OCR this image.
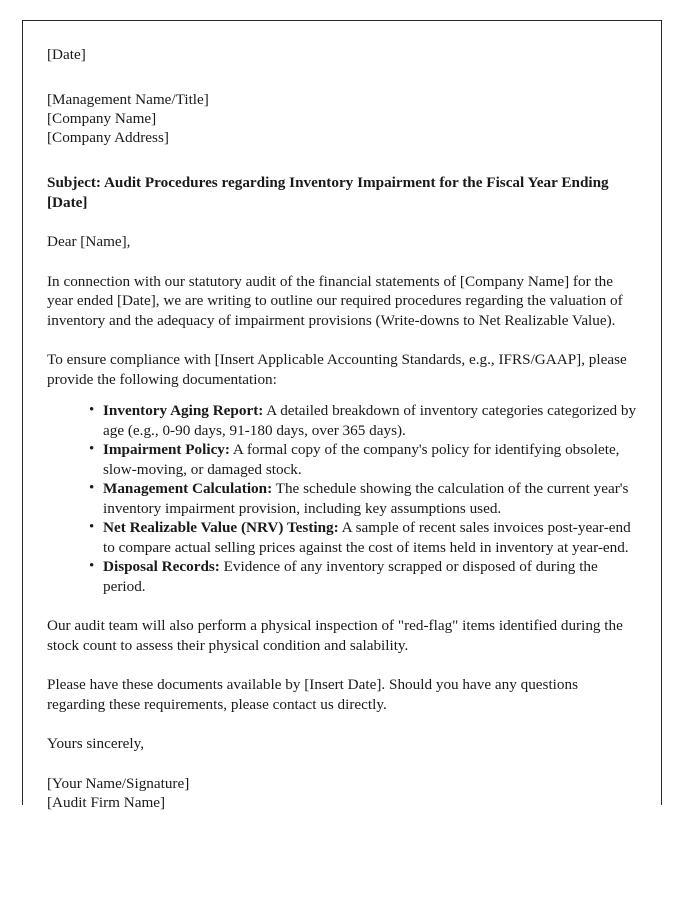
[Date]
[Management Name/Title]
[Company Name]
[Company Address]
Subject: Audit Procedures regarding Inventory Impairment for the Fiscal Year Ending [Date]
Dear [Name],

In connection with our statutory audit of the financial statements of [Company Name] for the year ended [Date], we are writing to outline our required procedures regarding the valuation of inventory and the adequacy of impairment provisions (Write-downs to Net Realizable Value).

To ensure compliance with [Insert Applicable Accounting Standards, e.g., IFRS/GAAP], please provide the following documentation:

• Inventory Aging Report: A detailed breakdown of inventory categories categorized by age (e.g., 0-90 days, 91-180 days, over 365 days).
• Impairment Policy: A formal copy of the company's policy for identifying obsolete, slow-moving, or damaged stock.
• Management Calculation: The schedule showing the calculation of the current year's inventory impairment provision, including key assumptions used.
• Net Realizable Value (NRV) Testing: A sample of recent sales invoices post-year-end to compare actual selling prices against the cost of items held in inventory at year-end.
• Disposal Records: Evidence of any inventory scrapped or disposed of during the period.

Our audit team will also perform a physical inspection of "red-flag" items identified during the stock count to assess their physical condition and salability.

Please have these documents available by [Insert Date]. Should you have any questions regarding these requirements, please contact us directly.

Yours sincerely,
[Your Name/Signature]
[Audit Firm Name]
